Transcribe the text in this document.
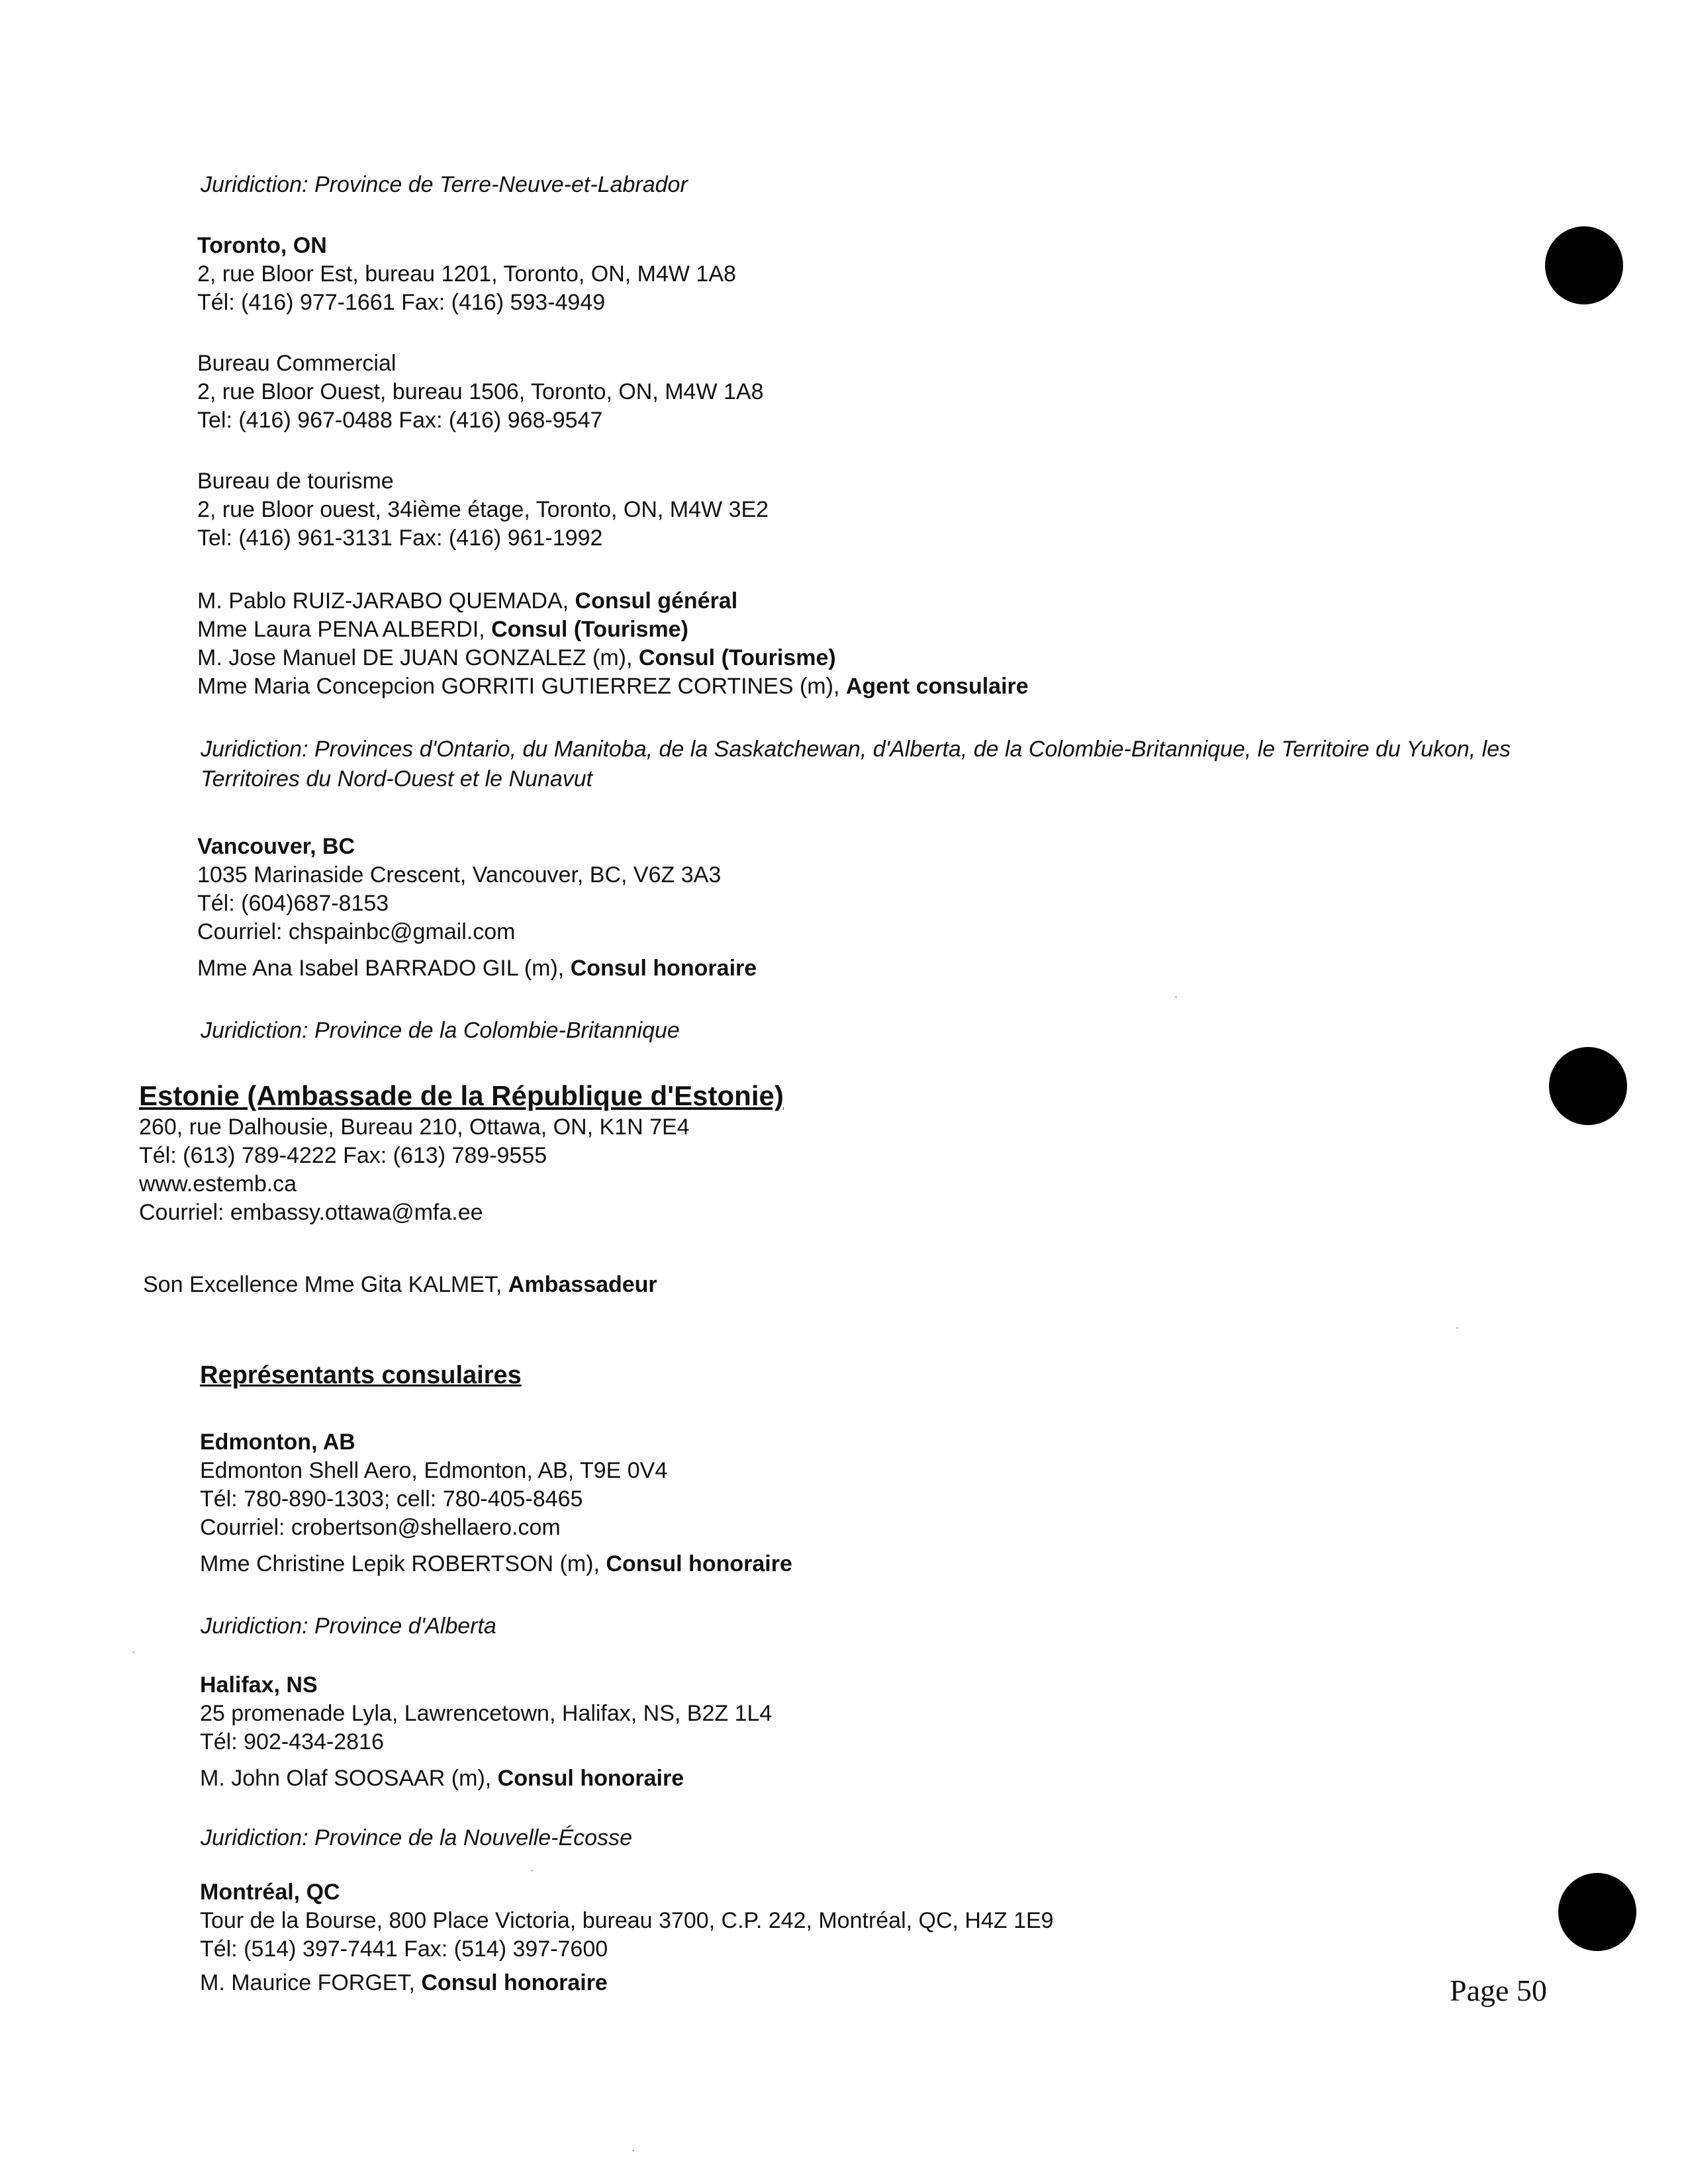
Juridiction: Province de Terre-Neuve-et-Labrador
Toronto, ON
2, rue Bloor Est, bureau 1201, Toronto, ON, M4W 1A8
Tél: (416) 977-1661 Fax: (416) 593-4949
Bureau Commercial
2, rue Bloor Ouest, bureau 1506, Toronto, ON, M4W 1A8
Tel: (416) 967-0488 Fax: (416) 968-9547
Bureau de tourisme
2, rue Bloor ouest, 34ième étage, Toronto, ON, M4W 3E2
Tel: (416) 961-3131 Fax: (416) 961-1992
M. Pablo RUIZ-JARABO QUEMADA, Consul général
Mme Laura PENA ALBERDI, Consul (Tourisme)
M. Jose Manuel DE JUAN GONZALEZ (m), Consul (Tourisme)
Mme Maria Concepcion GORRITI GUTIERREZ CORTINES (m), Agent consulaire
Juridiction: Provinces d'Ontario, du Manitoba, de la Saskatchewan, d'Alberta, de la Colombie-Britannique, le Territoire du Yukon, les Territoires du Nord-Ouest et le Nunavut
Vancouver, BC
1035 Marinaside Crescent, Vancouver, BC, V6Z 3A3
Tél: (604)687-8153
Courriel: chspainbc@gmail.com
Mme Ana Isabel BARRADO GIL (m), Consul honoraire
Juridiction: Province de la Colombie-Britannique
Estonie (Ambassade de la République d'Estonie)
260, rue Dalhousie, Bureau 210, Ottawa, ON, K1N 7E4
Tél: (613) 789-4222 Fax: (613) 789-9555
www.estemb.ca
Courriel: embassy.ottawa@mfa.ee
Son Excellence Mme Gita KALMET, Ambassadeur
Représentants consulaires
Edmonton, AB
Edmonton Shell Aero, Edmonton, AB, T9E 0V4
Tél: 780-890-1303; cell: 780-405-8465
Courriel: crobertson@shellaero.com
Mme Christine Lepik ROBERTSON (m), Consul honoraire
Juridiction: Province d'Alberta
Halifax, NS
25 promenade Lyla, Lawrencetown, Halifax, NS, B2Z 1L4
Tél: 902-434-2816
M. John Olaf SOOSAAR (m), Consul honoraire
Juridiction: Province de la Nouvelle-Écosse
Montréal, QC
Tour de la Bourse, 800 Place Victoria, bureau 3700, C.P. 242, Montréal, QC, H4Z 1E9
Tél: (514) 397-7441 Fax: (514) 397-7600
M. Maurice FORGET, Consul honoraire	Page 50
